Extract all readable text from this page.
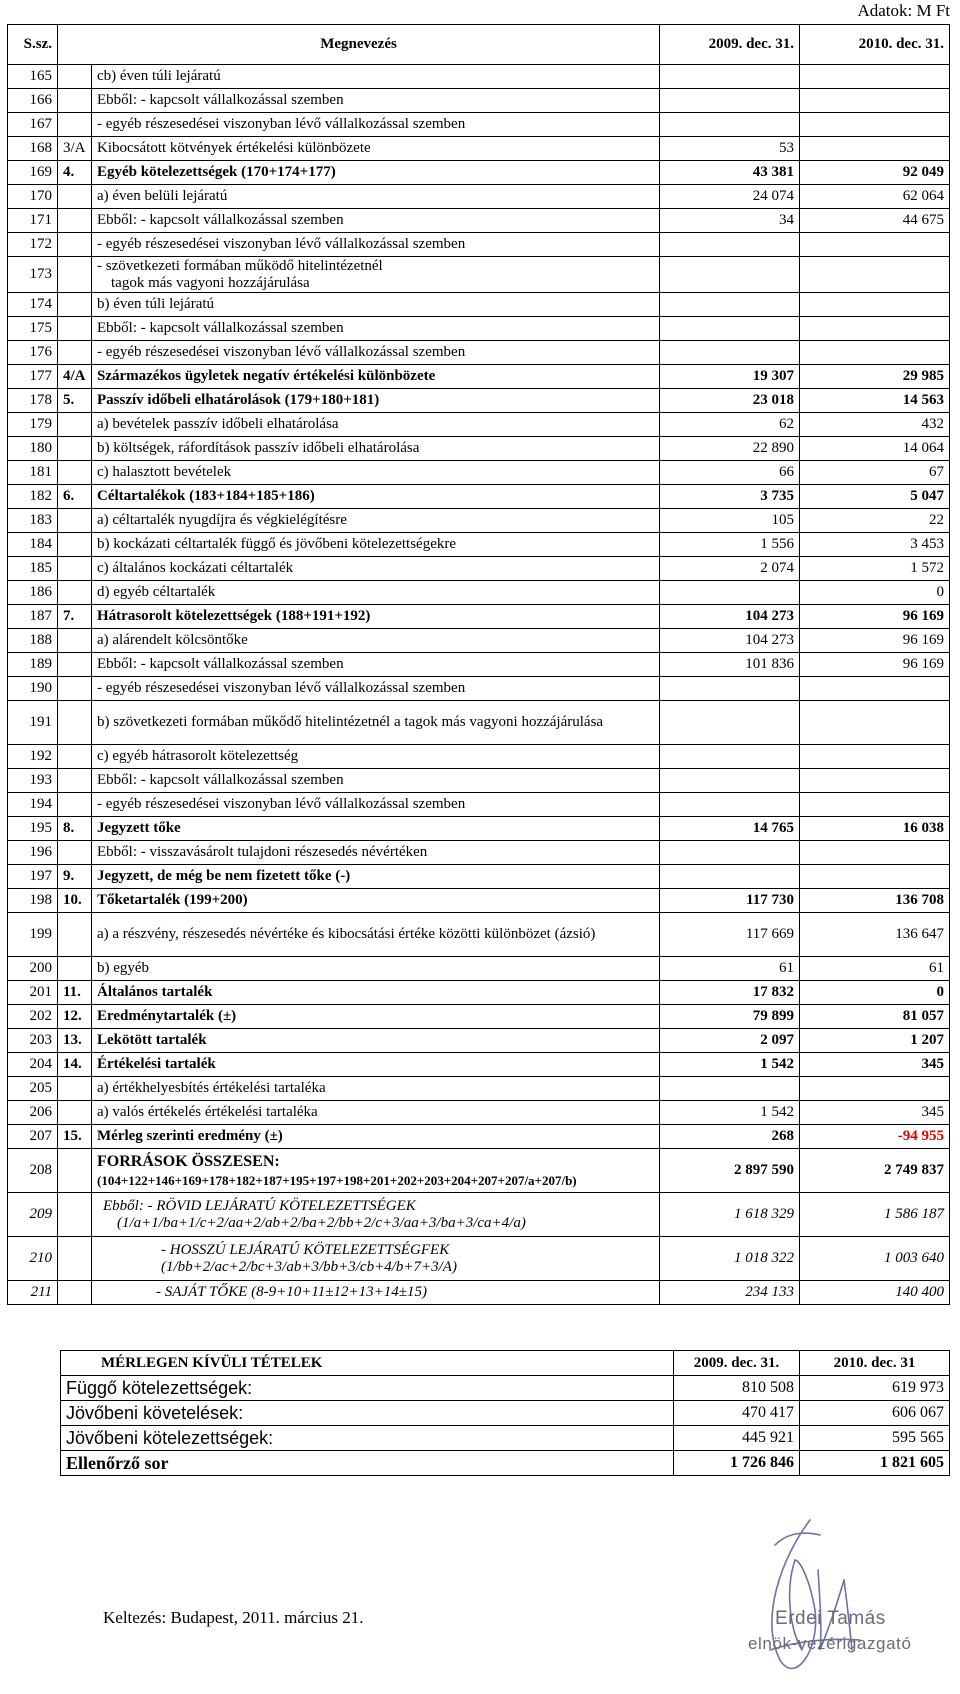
Adatok: M Ft
S.sz.	Megnevezés		2009. dec. 31.	2010. dec. 31.
165		cb) éven túli lejáratú		
166		Ebből: - kapcsolt vállalkozással szemben		
167		- egyéb részesedései viszonyban lévő vállalkozással szemben		
168	3/A	Kibocsátott kötvények értékelési különbözete	53	
169	4.	Egyéb kötelezettségek (170+174+177)	43 381	92 049
170		a) éven belüli lejáratú	24 074	62 064
171		Ebből: - kapcsolt vállalkozással szemben	34	44 675
172		- egyéb részesedései viszonyban lévő vállalkozással szemben		
173		- szövetkezeti formában működő hitelintézetnél
tagok más vagyoni hozzájárulása		

174		b) éven túli lejáratú		
175		Ebből: - kapcsolt vállalkozással szemben		
176		- egyéb részesedései viszonyban lévő vállalkozással szemben		
177	4/A	Származékos ügyletek negatív értékelési különbözete	19 307	29 985
178	5.	Passzív időbeli elhatárolások (179+180+181)	23 018	14 563
179		a) bevételek passzív időbeli elhatárolása	62	432
180		b) költségek, ráfordítások passzív időbeli elhatárolása	22 890	14 064
181		c) halasztott bevételek	66	67
182	6.	Céltartalékok (183+184+185+186)	3 735	5 047
183		a) céltartalék nyugdíjra és végkielégítésre	105	22
184		b) kockázati céltartalék függő és jövőbeni kötelezettségekre	1 556	3 453
185		c) általános kockázati céltartalék	2 074	1 572
186		d) egyéb céltartalék		0
187	7.	Hátrasorolt kötelezettségek (188+191+192)	104 273	96 169
188		a) alárendelt kölcsöntőke	104 273	96 169
189		Ebből: - kapcsolt vállalkozással szemben	101 836	96 169
190		- egyéb részesedései viszonyban lévő vállalkozással szemben		
191		b) szövetkezeti formában műkődő hitelintézetnél a tagok más vagyoni hozzájárulása		
192		c) egyéb hátrasorolt kötelezettség		
193		Ebből: - kapcsolt vállalkozással szemben		
194		- egyéb részesedései viszonyban lévő vállalkozással szemben		
195	8.	Jegyzett tőke	14 765	16 038
196		Ebből: - visszavásárolt tulajdoni részesedés névértéken		
197	9.	Jegyzett, de még be nem fizetett tőke (-)		
198	10.	Tőketartalék (199+200)	117 730	136 708
199		a) a részvény, részesedés névértéke és kibocsátási értéke közötti különbözet (ázsió)	117 669	136 647
200		b) egyéb	61	61
201	11.	Általános tartalék	17 832	0
202	12.	Eredménytartalék (±)	79 899	81 057
203	13.	Lekötött tartalék	2 097	1 207
204	14.	Értékelési tartalék	1 542	345
205		a) értékhelyesbítés értékelési tartaléka		
206		a) valós értékelés értékelési tartaléka	1 542	345
207	15.	Mérleg szerinti eredmény (±)	268	-94 955
208		FORRÁSOK ÖSSZESEN:
(104+122+146+169+178+182+187+195+197+198+201+202+203+204+207+207/a+207/b)	2 897 590	2 749 837
209		Ebből: - RÖVID LEJÁRATÚ KÖTELEZETTSÉGEK
(1/a+1/ba+1/c+2/aa+2/ab+2/ba+2/bb+2/c+3/aa+3/ba+3/ca+4/a)	1 618 329	1 586 187
210		- HOSSZÚ LEJÁRATÚ KÖTELEZETTSÉGFEK
(1/bb+2/ac+2/bc+3/ab+3/bb+3/cb+4/b+7+3/A)	1 018 322	1 003 640
211		- SAJÁT TŐKE (8-9+10+11±12+13+14±15)	234 133	140 400
MÉRLEGEN KÍVÜLI TÉTELEK	2009. dec. 31.	2010. dec. 31
Függő kötelezettségek:	810 508	619 973
Jövőbeni követelések:	470 417	606 067
Jövőbeni kötelezettségek:	445 921	595 565
Ellenőrző sor	1 726 846	1 821 605
Keltezés: Budapest, 2011. március 21.	Erdei Tamás
elnök-vezérigazgató
